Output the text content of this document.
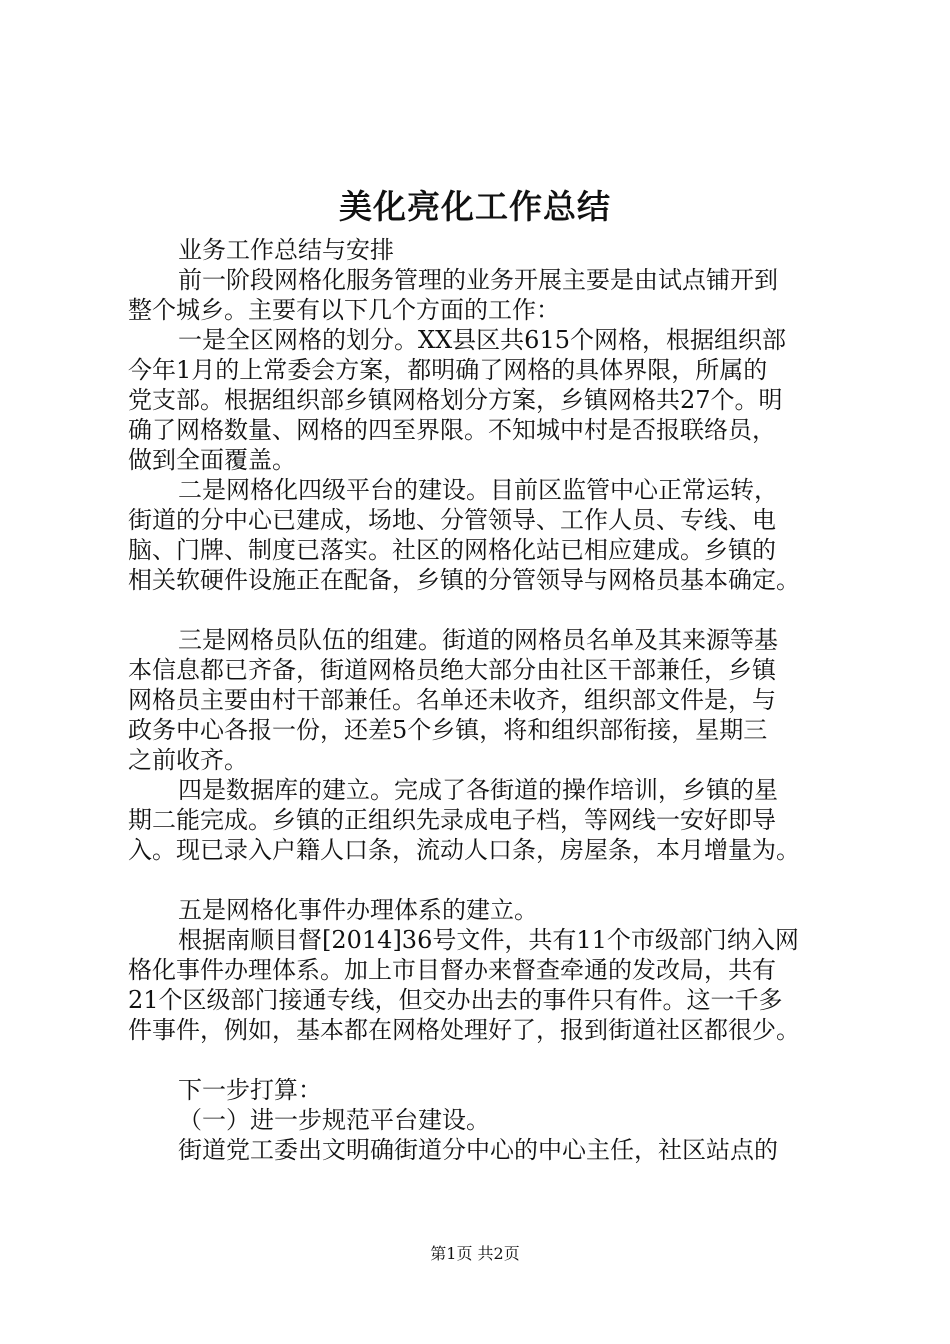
美化亮化工作总结
业务工作总结与安排
前一阶段网格化服务管理的业务开展主要是由试点铺开到
整个城乡。主要有以下几个方面的工作：
一是全区网格的划分。XX县区共615个网格，根据组织部
今年1月的上常委会方案，都明确了网格的具体界限，所属的
党支部。根据组织部乡镇网格划分方案，乡镇网格共27个。明
确了网格数量、网格的四至界限。不知城中村是否报联络员，
做到全面覆盖。
二是网格化四级平台的建设。目前区监管中心正常运转，
街道的分中心已建成，场地、分管领导、工作人员、专线、电
脑、门牌、制度已落实。社区的网格化站已相应建成。乡镇的
相关软硬件设施正在配备，乡镇的分管领导与网格员基本确定。
三是网格员队伍的组建。街道的网格员名单及其来源等基
本信息都已齐备，街道网格员绝大部分由社区干部兼任，乡镇
网格员主要由村干部兼任。名单还未收齐，组织部文件是，与
政务中心各报一份，还差5个乡镇，将和组织部衔接，星期三
之前收齐。
四是数据库的建立。完成了各街道的操作培训，乡镇的星
期二能完成。乡镇的正组织先录成电子档，等网线一安好即导
入。现已录入户籍人口条，流动人口条，房屋条，本月增量为。
五是网格化事件办理体系的建立。
根据南顺目督[2014]36号文件，共有11个市级部门纳入网
格化事件办理体系。加上市目督办来督查牵通的发改局，共有
21个区级部门接通专线，但交办出去的事件只有件。这一千多
件事件，例如，基本都在网格处理好了，报到街道社区都很少。
下一步打算：
（一）进一步规范平台建设。
街道党工委出文明确街道分中心的中心主任，社区站点的
第1页 共2页
